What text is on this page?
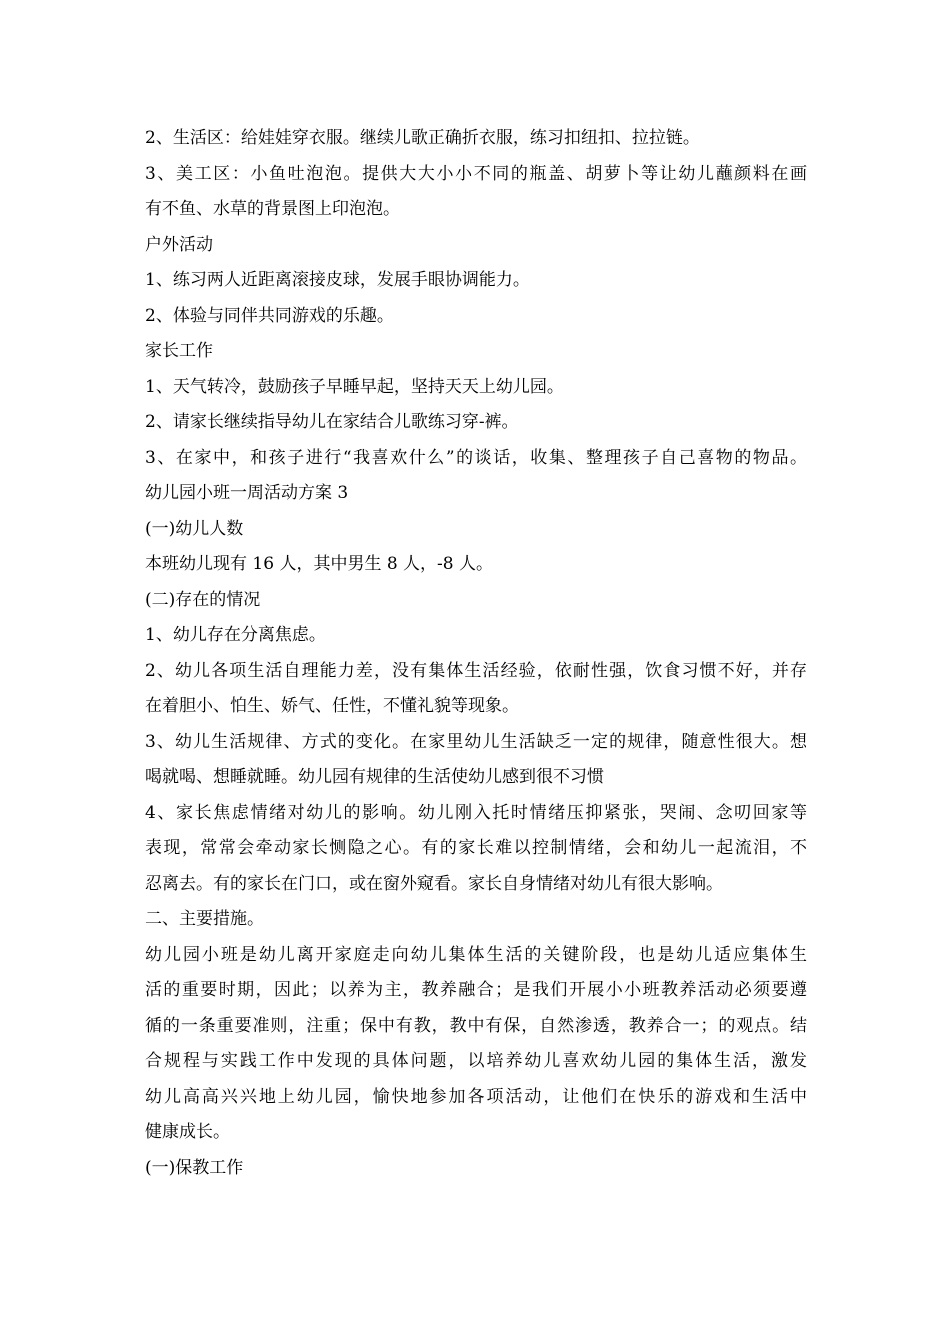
2、生活区：给娃娃穿衣服。继续儿歌正确折衣服，练习扣纽扣、拉拉链。
3、美工区：小鱼吐泡泡。提供大大小小不同的瓶盖、胡萝卜等让幼儿蘸颜料在画
有不鱼、水草的背景图上印泡泡。
户外活动
1、练习两人近距离滚接皮球，发展手眼协调能力。
2、体验与同伴共同游戏的乐趣。
家长工作
1、天气转冷，鼓励孩子早睡早起，坚持天天上幼儿园。
2、请家长继续指导幼儿在家结合儿歌练习穿-裤。
3、在家中，和孩子进行“我喜欢什么”的谈话，收集、整理孩子自己喜物的物品。
幼儿园小班一周活动方案 3
(一)幼儿人数
本班幼儿现有 16 人，其中男生 8 人，-8 人。
(二)存在的情况
1、幼儿存在分离焦虑。
2、幼儿各项生活自理能力差，没有集体生活经验，依耐性强，饮食习惯不好，并存
在着胆小、怕生、娇气、任性，不懂礼貌等现象。
3、幼儿生活规律、方式的变化。在家里幼儿生活缺乏一定的规律，随意性很大。想
喝就喝、想睡就睡。幼儿园有规律的生活使幼儿感到很不习惯
4、家长焦虑情绪对幼儿的影响。幼儿刚入托时情绪压抑紧张，哭闹、念叨回家等
表现，常常会牵动家长恻隐之心。有的家长难以控制情绪，会和幼儿一起流泪，不
忍离去。有的家长在门口，或在窗外窥看。家长自身情绪对幼儿有很大影响。
二、主要措施。
幼儿园小班是幼儿离开家庭走向幼儿集体生活的关键阶段，也是幼儿适应集体生
活的重要时期，因此；以养为主，教养融合；是我们开展小小班教养活动必须要遵
循的一条重要准则，注重；保中有教，教中有保，自然渗透，教养合一；的观点。结
合规程与实践工作中发现的具体问题，以培养幼儿喜欢幼儿园的集体生活，激发
幼儿高高兴兴地上幼儿园，愉快地参加各项活动，让他们在快乐的游戏和生活中
健康成长。
(一)保教工作
